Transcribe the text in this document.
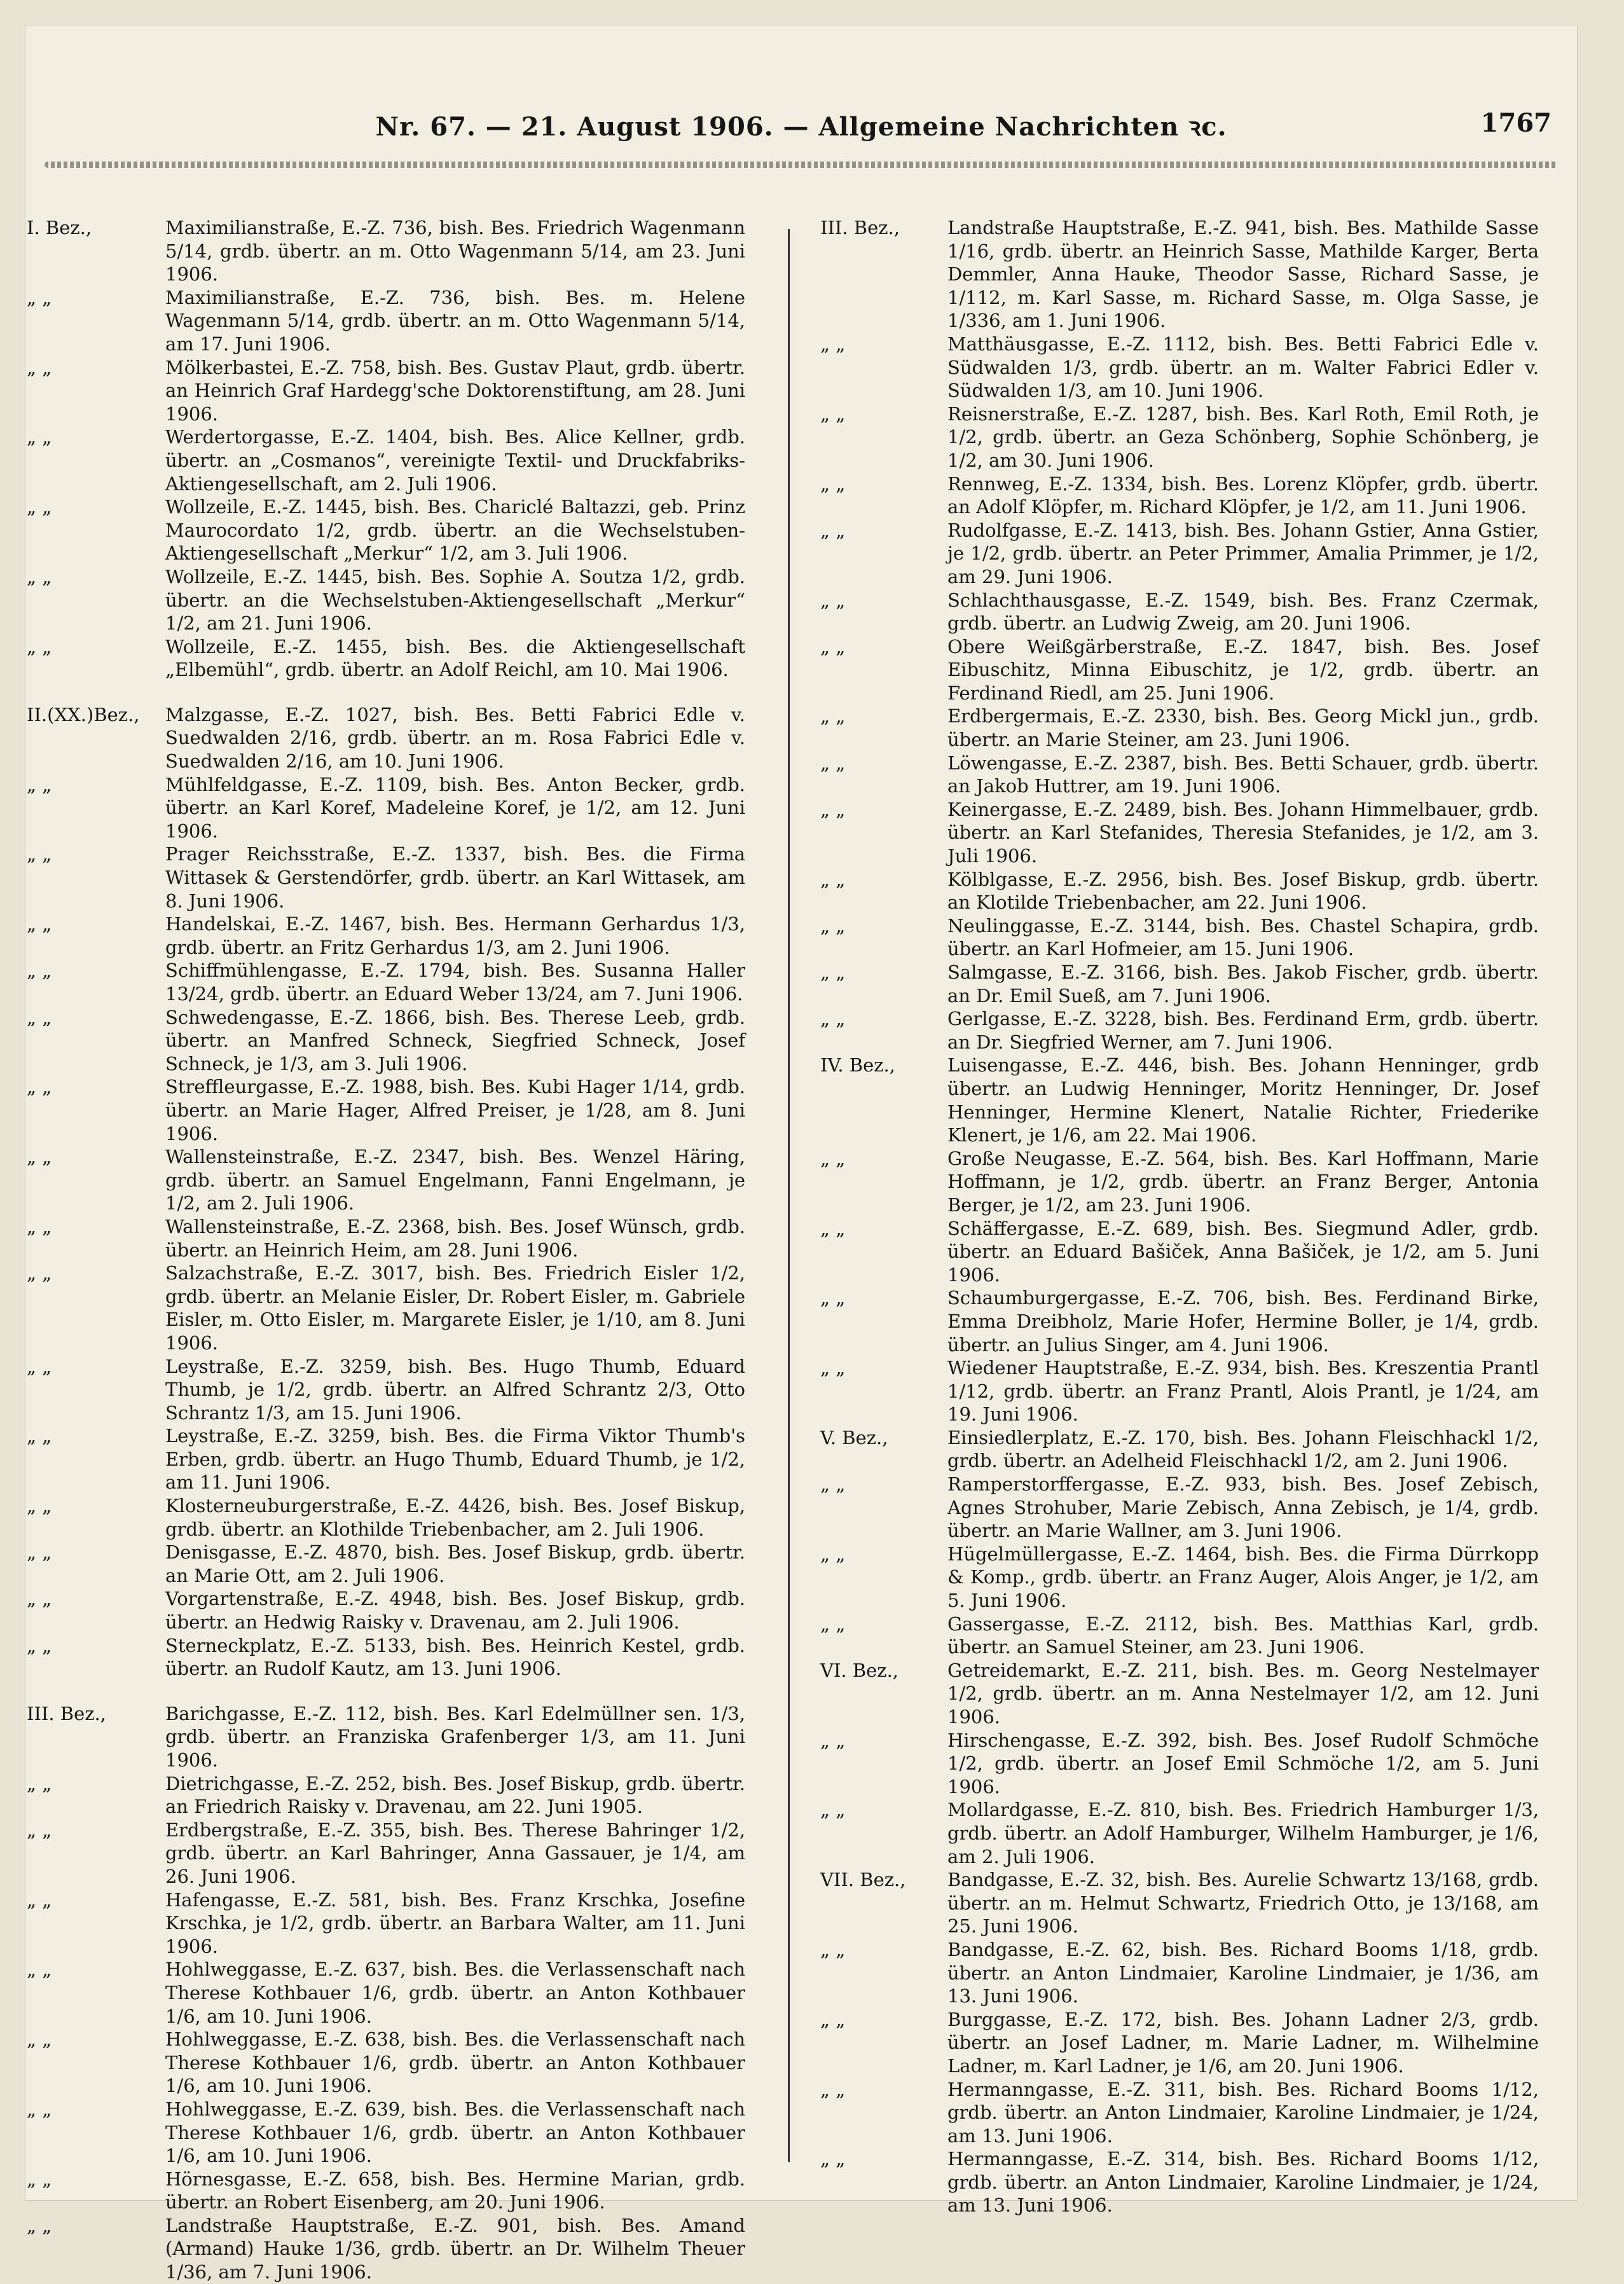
Nr. 67. — 21. August 1906. — Allgemeine Nachrichten ꝛc.	1767
I. Bez.,	Maximilianstraße, E.-Z. 736, bish. Bes. Friedrich Wagenmann 5/14, grdb. übertr. an m. Otto Wagenmann 5/14, am 23. Juni 1906.
„ „	Maximilianstraße, E.-Z. 736, bish. Bes. m. Helene Wagenmann 5/14, grdb. übertr. an m. Otto Wagenmann 5/14, am 17. Juni 1906.
„ „	Mölkerbastei, E.-Z. 758, bish. Bes. Gustav Plaut, grdb. übertr. an Heinrich Graf Hardegg'sche Doktorenstiftung, am 28. Juni 1906.
„ „	Werdertorgasse, E.-Z. 1404, bish. Bes. Alice Kellner, grdb. übertr. an „Cosmanos“, vereinigte Textil- und Druckfabriks-Aktiengesellschaft, am 2. Juli 1906.
„ „	Wollzeile, E.-Z. 1445, bish. Bes. Chariclé Baltazzi, geb. Prinz Maurocordato 1/2, grdb. übertr. an die Wechselstuben-Aktiengesellschaft „Merkur“ 1/2, am 3. Juli 1906.
„ „	Wollzeile, E.-Z. 1445, bish. Bes. Sophie A. Soutza 1/2, grdb. übertr. an die Wechselstuben-Aktiengesellschaft „Merkur“ 1/2, am 21. Juni 1906.
„ „	Wollzeile, E.-Z. 1455, bish. Bes. die Aktiengesellschaft „Elbemühl“, grdb. übertr. an Adolf Reichl, am 10. Mai 1906.
II.(XX.)Bez.,	Malzgasse, E.-Z. 1027, bish. Bes. Betti Fabrici Edle v. Suedwalden 2/16, grdb. übertr. an m. Rosa Fabrici Edle v. Suedwalden 2/16, am 10. Juni 1906.
„ „	Mühlfeldgasse, E.-Z. 1109, bish. Bes. Anton Becker, grdb. übertr. an Karl Koref, Madeleine Koref, je 1/2, am 12. Juni 1906.
„ „	Prager Reichsstraße, E.-Z. 1337, bish. Bes. die Firma Wittasek & Gerstendörfer, grdb. übertr. an Karl Wittasek, am 8. Juni 1906.
„ „	Handelskai, E.-Z. 1467, bish. Bes. Hermann Gerhardus 1/3, grdb. übertr. an Fritz Gerhardus 1/3, am 2. Juni 1906.
„ „	Schiffmühlengasse, E.-Z. 1794, bish. Bes. Susanna Haller 13/24, grdb. übertr. an Eduard Weber 13/24, am 7. Juni 1906.
„ „	Schwedengasse, E.-Z. 1866, bish. Bes. Therese Leeb, grdb. übertr. an Manfred Schneck, Siegfried Schneck, Josef Schneck, je 1/3, am 3. Juli 1906.
„ „	Streffleurgasse, E.-Z. 1988, bish. Bes. Kubi Hager 1/14, grdb. übertr. an Marie Hager, Alfred Preiser, je 1/28, am 8. Juni 1906.
„ „	Wallensteinstraße, E.-Z. 2347, bish. Bes. Wenzel Häring, grdb. übertr. an Samuel Engelmann, Fanni Engelmann, je 1/2, am 2. Juli 1906.
„ „	Wallensteinstraße, E.-Z. 2368, bish. Bes. Josef Wünsch, grdb. übertr. an Heinrich Heim, am 28. Juni 1906.
„ „	Salzachstraße, E.-Z. 3017, bish. Bes. Friedrich Eisler 1/2, grdb. übertr. an Melanie Eisler, Dr. Robert Eisler, m. Gabriele Eisler, m. Otto Eisler, m. Margarete Eisler, je 1/10, am 8. Juni 1906.
„ „	Leystraße, E.-Z. 3259, bish. Bes. Hugo Thumb, Eduard Thumb, je 1/2, grdb. übertr. an Alfred Schrantz 2/3, Otto Schrantz 1/3, am 15. Juni 1906.
„ „	Leystraße, E.-Z. 3259, bish. Bes. die Firma Viktor Thumb's Erben, grdb. übertr. an Hugo Thumb, Eduard Thumb, je 1/2, am 11. Juni 1906.
„ „	Klosterneuburgerstraße, E.-Z. 4426, bish. Bes. Josef Biskup, grdb. übertr. an Klothilde Triebenbacher, am 2. Juli 1906.
„ „	Denisgasse, E.-Z. 4870, bish. Bes. Josef Biskup, grdb. übertr. an Marie Ott, am 2. Juli 1906.
„ „	Vorgartenstraße, E.-Z. 4948, bish. Bes. Josef Biskup, grdb. übertr. an Hedwig Raisky v. Dravenau, am 2. Juli 1906.
„ „	Sterneckplatz, E.-Z. 5133, bish. Bes. Heinrich Kestel, grdb. übertr. an Rudolf Kautz, am 13. Juni 1906.
III. Bez.,	Barichgasse, E.-Z. 112, bish. Bes. Karl Edelmüllner sen. 1/3, grdb. übertr. an Franziska Grafenberger 1/3, am 11. Juni 1906.
„ „	Dietrichgasse, E.-Z. 252, bish. Bes. Josef Biskup, grdb. übertr. an Friedrich Raisky v. Dravenau, am 22. Juni 1905.
„ „	Erdbergstraße, E.-Z. 355, bish. Bes. Therese Bahringer 1/2, grdb. übertr. an Karl Bahringer, Anna Gassauer, je 1/4, am 26. Juni 1906.
„ „	Hafengasse, E.-Z. 581, bish. Bes. Franz Krschka, Josefine Krschka, je 1/2, grdb. übertr. an Barbara Walter, am 11. Juni 1906.
„ „	Hohlweggasse, E.-Z. 637, bish. Bes. die Verlassenschaft nach Therese Kothbauer 1/6, grdb. übertr. an Anton Kothbauer 1/6, am 10. Juni 1906.
„ „	Hohlweggasse, E.-Z. 638, bish. Bes. die Verlassenschaft nach Therese Kothbauer 1/6, grdb. übertr. an Anton Kothbauer 1/6, am 10. Juni 1906.
„ „	Hohlweggasse, E.-Z. 639, bish. Bes. die Verlassenschaft nach Therese Kothbauer 1/6, grdb. übertr. an Anton Kothbauer 1/6, am 10. Juni 1906.
„ „	Hörnesgasse, E.-Z. 658, bish. Bes. Hermine Marian, grdb. übertr. an Robert Eisenberg, am 20. Juni 1906.
„ „	Landstraße Hauptstraße, E.-Z. 901, bish. Bes. Amand (Armand) Hauke 1/36, grdb. übertr. an Dr. Wilhelm Theuer 1/36, am 7. Juni 1906.
III. Bez.,	Landstraße Hauptstraße, E.-Z. 941, bish. Bes. Mathilde Sasse 1/16, grdb. übertr. an Heinrich Sasse, Mathilde Karger, Berta Demmler, Anna Hauke, Theodor Sasse, Richard Sasse, je 1/112, m. Karl Sasse, m. Richard Sasse, m. Olga Sasse, je 1/336, am 1. Juni 1906.
„ „	Matthäusgasse, E.-Z. 1112, bish. Bes. Betti Fabrici Edle v. Südwalden 1/3, grdb. übertr. an m. Walter Fabrici Edler v. Südwalden 1/3, am 10. Juni 1906.
„ „	Reisnerstraße, E.-Z. 1287, bish. Bes. Karl Roth, Emil Roth, je 1/2, grdb. übertr. an Geza Schönberg, Sophie Schönberg, je 1/2, am 30. Juni 1906.
„ „	Rennweg, E.-Z. 1334, bish. Bes. Lorenz Klöpfer, grdb. übertr. an Adolf Klöpfer, m. Richard Klöpfer, je 1/2, am 11. Juni 1906.
„ „	Rudolfgasse, E.-Z. 1413, bish. Bes. Johann Gstier, Anna Gstier, je 1/2, grdb. übertr. an Peter Primmer, Amalia Primmer, je 1/2, am 29. Juni 1906.
„ „	Schlachthausgasse, E.-Z. 1549, bish. Bes. Franz Czermak, grdb. übertr. an Ludwig Zweig, am 20. Juni 1906.
„ „	Obere Weißgärberstraße, E.-Z. 1847, bish. Bes. Josef Eibuschitz, Minna Eibuschitz, je 1/2, grdb. übertr. an Ferdinand Riedl, am 25. Juni 1906.
„ „	Erdbergermais, E.-Z. 2330, bish. Bes. Georg Mickl jun., grdb. übertr. an Marie Steiner, am 23. Juni 1906.
„ „	Löwengasse, E.-Z. 2387, bish. Bes. Betti Schauer, grdb. übertr. an Jakob Huttrer, am 19. Juni 1906.
„ „	Keinergasse, E.-Z. 2489, bish. Bes. Johann Himmelbauer, grdb. übertr. an Karl Stefanides, Theresia Stefanides, je 1/2, am 3. Juli 1906.
„ „	Kölblgasse, E.-Z. 2956, bish. Bes. Josef Biskup, grdb. übertr. an Klotilde Triebenbacher, am 22. Juni 1906.
„ „	Neulinggasse, E.-Z. 3144, bish. Bes. Chastel Schapira, grdb. übertr. an Karl Hofmeier, am 15. Juni 1906.
„ „	Salmgasse, E.-Z. 3166, bish. Bes. Jakob Fischer, grdb. übertr. an Dr. Emil Sueß, am 7. Juni 1906.
„ „	Gerlgasse, E.-Z. 3228, bish. Bes. Ferdinand Erm, grdb. übertr. an Dr. Siegfried Werner, am 7. Juni 1906.
IV. Bez.,	Luisengasse, E.-Z. 446, bish. Bes. Johann Henninger, grdb übertr. an Ludwig Henninger, Moritz Henninger, Dr. Josef Henninger, Hermine Klenert, Natalie Richter, Friederike Klenert, je 1/6, am 22. Mai 1906.
„ „	Große Neugasse, E.-Z. 564, bish. Bes. Karl Hoffmann, Marie Hoffmann, je 1/2, grdb. übertr. an Franz Berger, Antonia Berger, je 1/2, am 23. Juni 1906.
„ „	Schäffergasse, E.-Z. 689, bish. Bes. Siegmund Adler, grdb. übertr. an Eduard Bašiček, Anna Bašiček, je 1/2, am 5. Juni 1906.
„ „	Schaumburgergasse, E.-Z. 706, bish. Bes. Ferdinand Birke, Emma Dreibholz, Marie Hofer, Hermine Boller, je 1/4, grdb. übertr. an Julius Singer, am 4. Juni 1906.
„ „	Wiedener Hauptstraße, E.-Z. 934, bish. Bes. Kreszentia Prantl 1/12, grdb. übertr. an Franz Prantl, Alois Prantl, je 1/24, am 19. Juni 1906.
V. Bez.,	Einsiedlerplatz, E.-Z. 170, bish. Bes. Johann Fleischhackl 1/2, grdb. übertr. an Adelheid Fleischhackl 1/2, am 2. Juni 1906.
„ „	Ramperstorffergasse, E.-Z. 933, bish. Bes. Josef Zebisch, Agnes Strohuber, Marie Zebisch, Anna Zebisch, je 1/4, grdb. übertr. an Marie Wallner, am 3. Juni 1906.
„ „	Hügelmüllergasse, E.-Z. 1464, bish. Bes. die Firma Dürrkopp & Komp., grdb. übertr. an Franz Auger, Alois Anger, je 1/2, am 5. Juni 1906.
„ „	Gassergasse, E.-Z. 2112, bish. Bes. Matthias Karl, grdb. übertr. an Samuel Steiner, am 23. Juni 1906.
VI. Bez.,	Getreidemarkt, E.-Z. 211, bish. Bes. m. Georg Nestelmayer 1/2, grdb. übertr. an m. Anna Nestelmayer 1/2, am 12. Juni 1906.
„ „	Hirschengasse, E.-Z. 392, bish. Bes. Josef Rudolf Schmöche 1/2, grdb. übertr. an Josef Emil Schmöche 1/2, am 5. Juni 1906.
„ „	Mollardgasse, E.-Z. 810, bish. Bes. Friedrich Hamburger 1/3, grdb. übertr. an Adolf Hamburger, Wilhelm Hamburger, je 1/6, am 2. Juli 1906.
VII. Bez.,	Bandgasse, E.-Z. 32, bish. Bes. Aurelie Schwartz 13/168, grdb. übertr. an m. Helmut Schwartz, Friedrich Otto, je 13/168, am 25. Juni 1906.
„ „	Bandgasse, E.-Z. 62, bish. Bes. Richard Booms 1/18, grdb. übertr. an Anton Lindmaier, Karoline Lindmaier, je 1/36, am 13. Juni 1906.
„ „	Burggasse, E.-Z. 172, bish. Bes. Johann Ladner 2/3, grdb. übertr. an Josef Ladner, m. Marie Ladner, m. Wilhelmine Ladner, m. Karl Ladner, je 1/6, am 20. Juni 1906.
„ „	Hermanngasse, E.-Z. 311, bish. Bes. Richard Booms 1/12, grdb. übertr. an Anton Lindmaier, Karoline Lindmaier, je 1/24, am 13. Juni 1906.
„ „	Hermanngasse, E.-Z. 314, bish. Bes. Richard Booms 1/12, grdb. übertr. an Anton Lindmaier, Karoline Lindmaier, je 1/24, am 13. Juni 1906.
